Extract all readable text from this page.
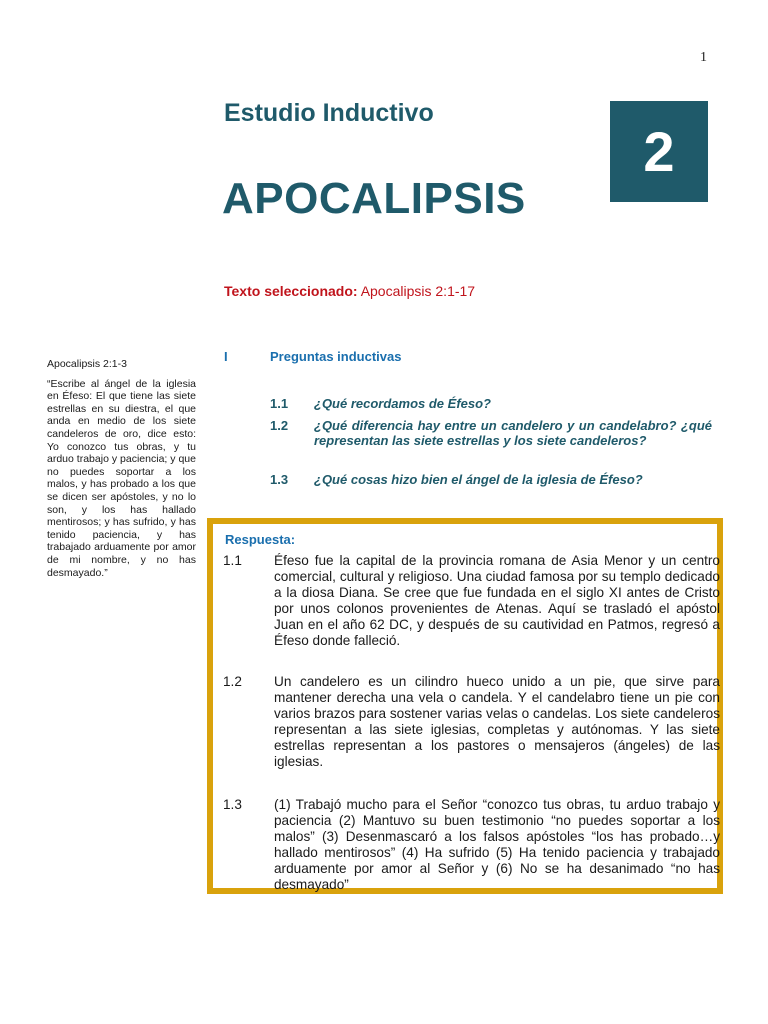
1
Estudio Inductivo
APOCALIPSIS
2
Texto seleccionado: Apocalipsis 2:1-17
Apocalipsis 2:1-3
“Escribe al ángel de la iglesia en Éfeso: El que tiene las siete estrellas en su diestra, el que anda en medio de los siete candeleros de oro, dice esto: Yo conozco tus obras, y tu arduo trabajo y paciencia; y que no puedes soportar a los malos, y has probado a los que se dicen ser apóstoles, y no lo son, y los has hallado mentirosos; y has sufrido, y has tenido paciencia, y has trabajado arduamente por amor de mi nombre, y no has desmayado.”
I	Preguntas inductivas
1.1 ¿Qué recordamos de Éfeso?
1.2 ¿Qué diferencia hay entre un candelero y un candelabro? ¿qué representan las siete estrellas y los siete candeleros?
1.3 ¿Qué cosas hizo bien el ángel de la iglesia de Éfeso?
Respuesta:
1.1 Éfeso fue la capital de la provincia romana de Asia Menor y un centro comercial, cultural y religioso. Una ciudad famosa por su templo dedicado a la diosa Diana. Se cree que fue fundada en el siglo XI antes de Cristo por unos colonos provenientes de Atenas. Aquí se trasladó el apóstol Juan en el año 62 DC, y después de su cautividad en Patmos, regresó a Éfeso donde falleció.
1.2 Un candelero es un cilindro hueco unido a un pie, que sirve para mantener derecha una vela o candela. Y el candelabro tiene un pie con varios brazos para sostener varias velas o candelas. Los siete candeleros representan a las siete iglesias, completas y autónomas. Y las siete estrellas representan a los pastores o mensajeros (ángeles) de las iglesias.
1.3 (1) Trabajó mucho para el Señor “conozco tus obras, tu arduo trabajo y paciencia (2) Mantuvo su buen testimonio “no puedes soportar a los malos” (3) Desenmascaró a los falsos apóstoles “los has probado…y hallado mentirosos” (4) Ha sufrido (5) Ha tenido paciencia y trabajado arduamente por amor al Señor y (6) No se ha desanimado “no has desmayado”
